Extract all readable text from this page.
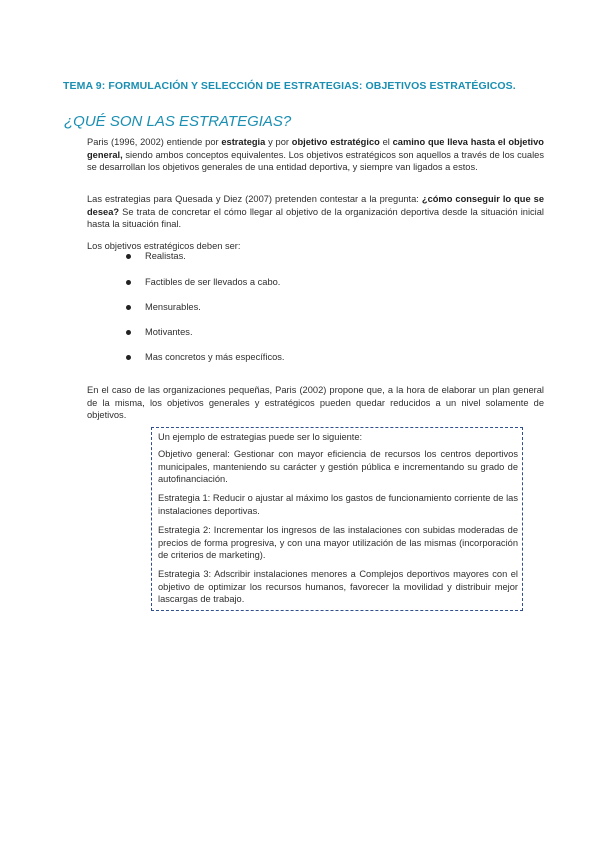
TEMA 9: FORMULACIÓN Y SELECCIÓN DE ESTRATEGIAS: OBJETIVOS ESTRATÉGICOS.
¿QUÉ SON LAS ESTRATEGIAS?
Paris (1996, 2002) entiende por estrategia y por objetivo estratégico el camino que lleva hasta el objetivo general, siendo ambos conceptos equivalentes. Los objetivos estratégicos son aquellos a través de los cuales se desarrollan los objetivos generales de una entidad deportiva, y siempre van ligados a estos.
Las estrategias para Quesada y Diez (2007) pretenden contestar a la pregunta: ¿cómo conseguir lo que se desea? Se trata de concretar el cómo llegar al objetivo de la organización deportiva desde la situación inicial hasta la situación final.
Los objetivos estratégicos deben ser:
Realistas.
Factibles de ser llevados a cabo.
Mensurables.
Motivantes.
Mas concretos y más específicos.
En el caso de las organizaciones pequeñas, Paris (2002) propone que, a la hora de elaborar un plan general de la misma, los objetivos generales y estratégicos pueden quedar reducidos a un nivel solamente de objetivos.
Un ejemplo de estrategias puede ser lo siguiente:
Objetivo general: Gestionar con mayor eficiencia de recursos los centros deportivos municipales, manteniendo su carácter y gestión pública e incrementando su grado de autofinanciación.
Estrategia 1: Reducir o ajustar al máximo los gastos de funcionamiento corriente de las instalaciones deportivas.
Estrategia 2: Incrementar los ingresos de las instalaciones con subidas moderadas de precios de forma progresiva, y con una mayor utilización de las mismas (incorporación de criterios de marketing).
Estrategia 3: Adscribir instalaciones menores a Complejos deportivos mayores con el objetivo de optimizar los recursos humanos, favorecer la movilidad y distribuir mejor lascargas de trabajo.
